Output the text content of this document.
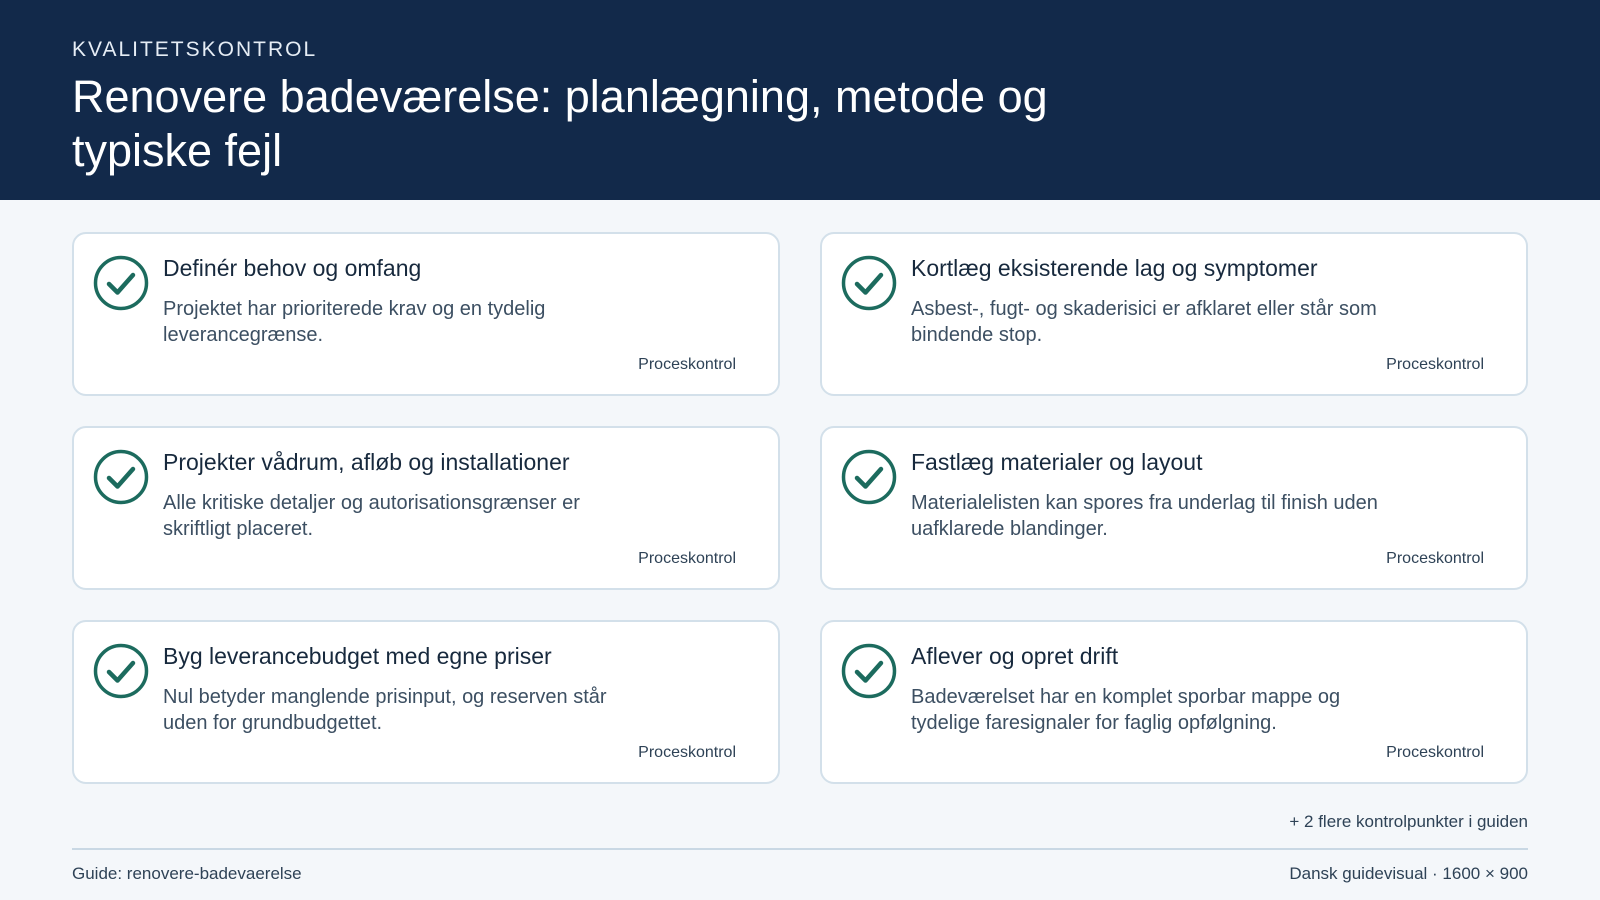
KVALITETSKONTROL
Renovere badeværelse: planlægning, metode og typiske fejl
Definér behov og omfang
Projektet har prioriterede krav og en tydelig leverancegrænse.
Proceskontrol
Kortlæg eksisterende lag og symptomer
Asbest-, fugt- og skaderisici er afklaret eller står som bindende stop.
Proceskontrol
Projekter vådrum, afløb og installationer
Alle kritiske detaljer og autorisationsgrænser er skriftligt placeret.
Proceskontrol
Fastlæg materialer og layout
Materialelisten kan spores fra underlag til finish uden uafklarede blandinger.
Proceskontrol
Byg leverancebudget med egne priser
Nul betyder manglende prisinput, og reserven står uden for grundbudgettet.
Proceskontrol
Aflever og opret drift
Badeværelset har en komplet sporbar mappe og tydelige faresignaler for faglig opfølgning.
Proceskontrol
+ 2 flere kontrolpunkter i guiden
Guide: renovere-badevaerelse	Dansk guidevisual · 1600 × 900
